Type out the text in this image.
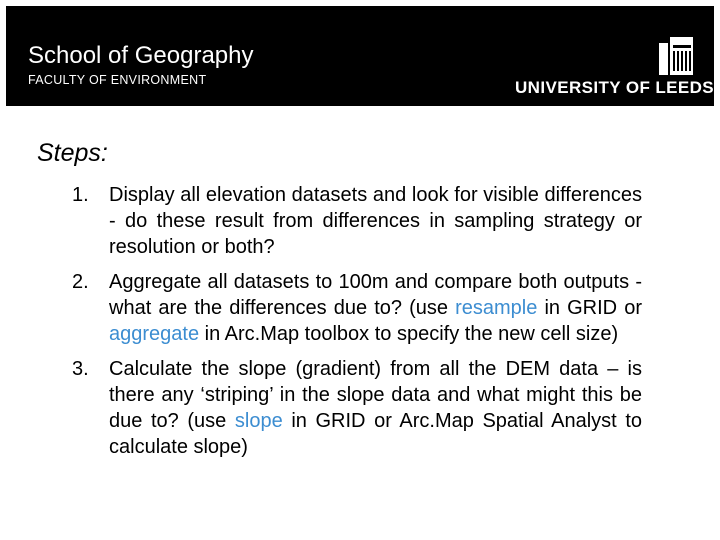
School of Geography
FACULTY OF ENVIRONMENT	UNIVERSITY OF LEEDS
Steps:
1.	Display all elevation datasets and look for visible differences - do these result from differences in sampling strategy or resolution or both?
2.	Aggregate all datasets to 100m and compare both outputs - what are the differences due to? (use resample in GRID or aggregate in Arc.Map toolbox to specify the new cell size)
3.	Calculate the slope (gradient) from all the DEM data – is there any ‘striping’ in the slope data and what might this be due to? (use slope in GRID or Arc.Map Spatial Analyst to calculate slope)
